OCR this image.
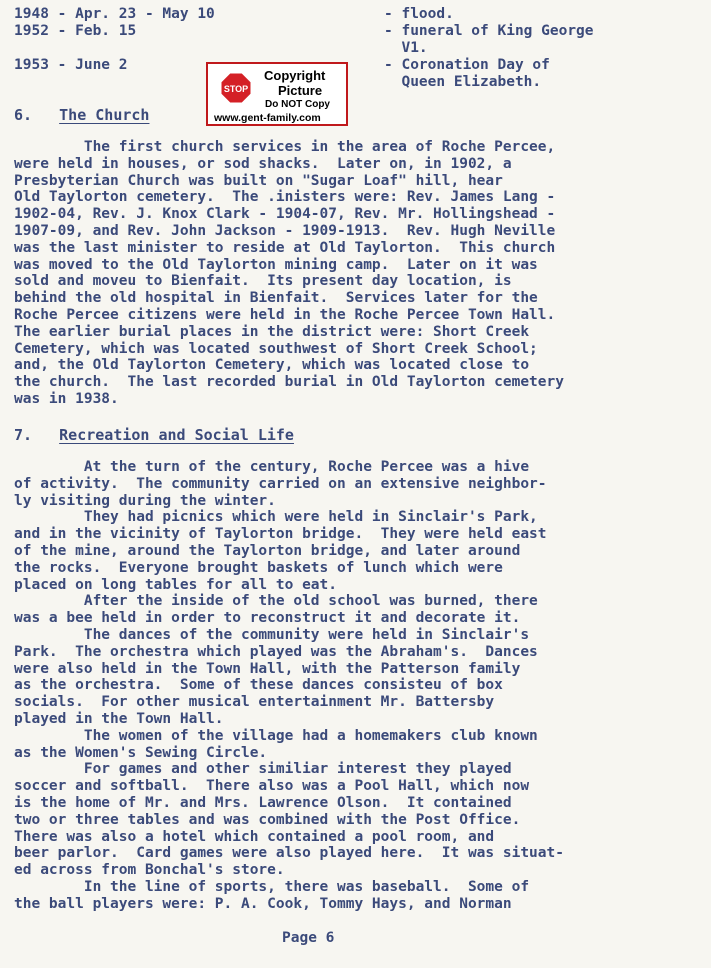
1948 - Apr. 23 - May 10	- flood.
1952 - Feb. 15	- funeral of King George
V1.
1953 - June 2	- Coronation Day of
Queen Elizabeth.
STOP
Copyright
Picture
Do NOT Copy
www.gent-family.com
6. The Church
The first church services in the area of Roche Percee,
were held in houses, or sod shacks.  Later on, in 1902, a
Presbyterian Church was built on "Sugar Loaf" hill, hear
Old Taylorton cemetery.  The .inisters were: Rev. James Lang -
1902-04, Rev. J. Knox Clark - 1904-07, Rev. Mr. Hollingshead -
1907-09, and Rev. John Jackson - 1909-1913.  Rev. Hugh Neville
was the last minister to reside at Old Taylorton.  This church
was moved to the Old Taylorton mining camp.  Later on it was
sold and moveu to Bienfait.  Its present day location, is
behind the old hospital in Bienfait.  Services later for the
Roche Percee citizens were held in the Roche Percee Town Hall.
The earlier burial places in the district were: Short Creek
Cemetery, which was located southwest of Short Creek School;
and, the Old Taylorton Cemetery, which was located close to
the church.  The last recorded burial in Old Taylorton cemetery
was in 1938.
7. Recreation and Social Life
At the turn of the century, Roche Percee was a hive
of activity.  The community carried on an extensive neighbor-
ly visiting during the winter.
They had picnics which were held in Sinclair's Park,
and in the vicinity of Taylorton bridge.  They were held east
of the mine, around the Taylorton bridge, and later around
the rocks.  Everyone brought baskets of lunch which were
placed on long tables for all to eat.
After the inside of the old school was burned, there
was a bee held in order to reconstruct it and decorate it.
The dances of the community were held in Sinclair's
Park.  The orchestra which played was the Abraham's.  Dances
were also held in the Town Hall, with the Patterson family
as the orchestra.  Some of these dances consisteu of box
socials.  For other musical entertainment Mr. Battersby
played in the Town Hall.
The women of the village had a homemakers club known
as the Women's Sewing Circle.
For games and other similiar interest they played
soccer and softball.  There also was a Pool Hall, which now
is the home of Mr. and Mrs. Lawrence Olson.  It contained
two or three tables and was combined with the Post Office.
There was also a hotel which contained a pool room, and
beer parlor.  Card games were also played here.  It was situat-
ed across from Bonchal's store.
In the line of sports, there was baseball.  Some of
the ball players were: P. A. Cook, Tommy Hays, and Norman
Page 6
